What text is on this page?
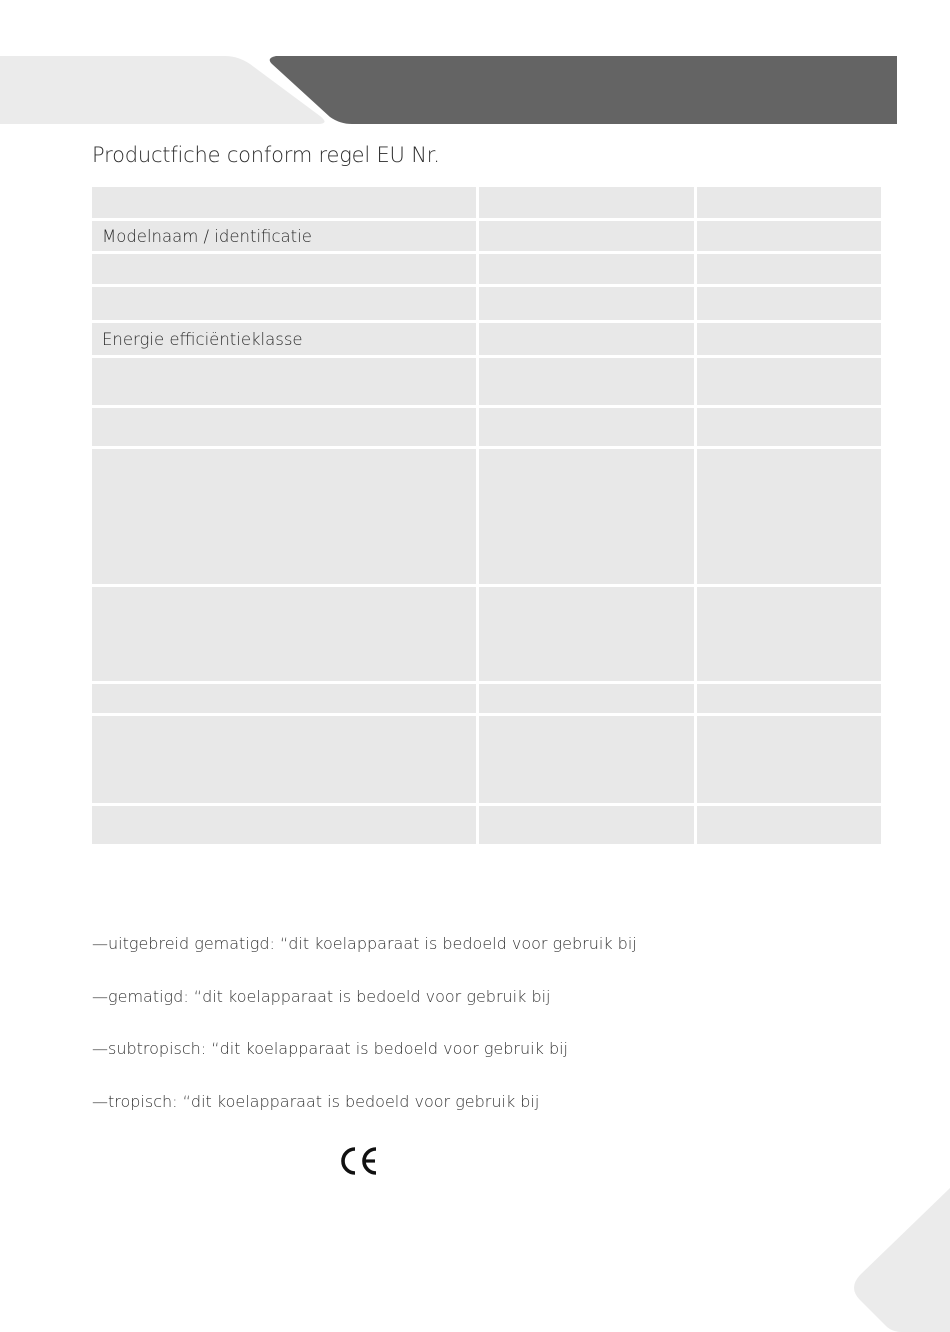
Productfiche conform regel EU Nr.

Modelnaam / identificatie		

Energie efficiëntieklasse		

—uitgebreid gematigd: “dit koelapparaat is bedoeld voor gebruik bij
—gematigd: “dit koelapparaat is bedoeld voor gebruik bij
—subtropisch: “dit koelapparaat is bedoeld voor gebruik bij
—tropisch: “dit koelapparaat is bedoeld voor gebruik bij
